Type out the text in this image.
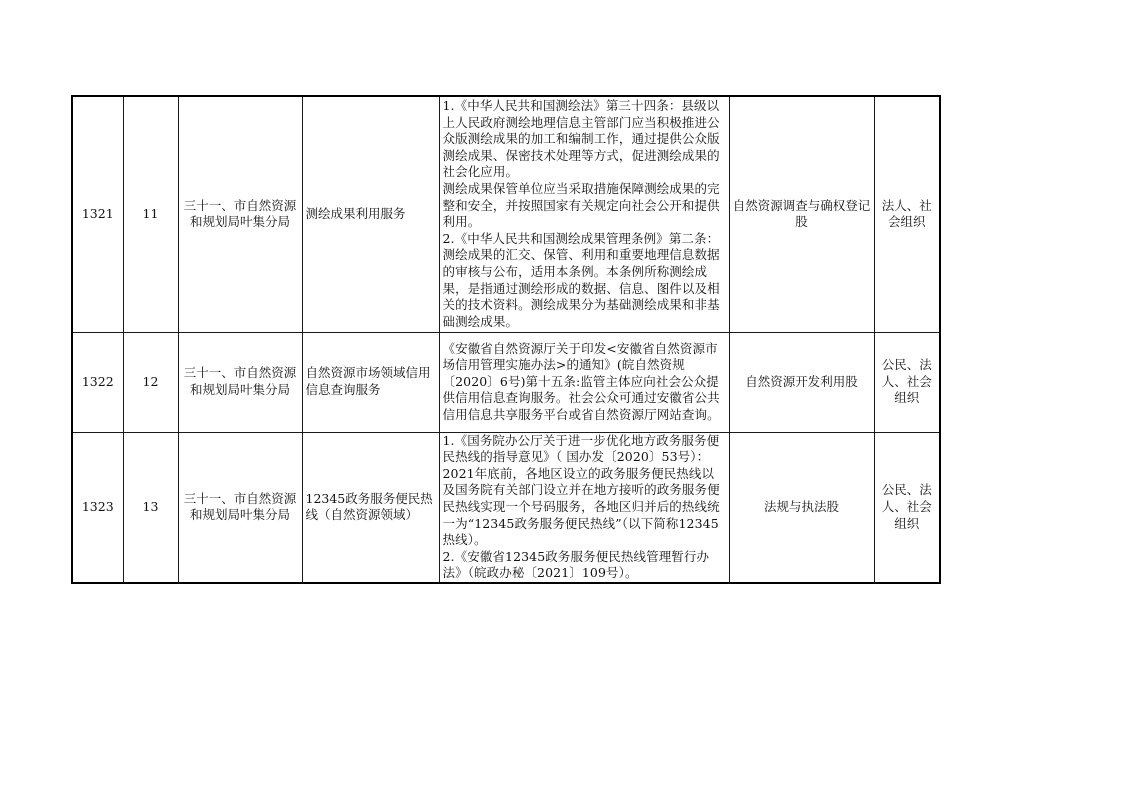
1321	11	三十一、市自然资源和规划局叶集分局	测绘成果利用服务	1.《中华人民共和国测绘法》第三十四条：县级以上人民政府测绘地理信息主管部门应当积极推进公众版测绘成果的加工和编制工作，通过提供公众版测绘成果、保密技术处理等方式，促进测绘成果的社会化应用。
测绘成果保管单位应当采取措施保障测绘成果的完整和安全，并按照国家有关规定向社会公开和提供利用。
2.《中华人民共和国测绘成果管理条例》第二条：测绘成果的汇交、保管、利用和重要地理信息数据的审核与公布，适用本条例。本条例所称测绘成果，是指通过测绘形成的数据、信息、图件以及相关的技术资料。测绘成果分为基础测绘成果和非基础测绘成果。	自然资源调查与确权登记股	法人、社会组织
1322	12	三十一、市自然资源和规划局叶集分局	自然资源市场领域信用信息查询服务	《安徽省自然资源厅关于印发<安徽省自然资源市场信用管理实施办法>的通知》(皖自然资规〔2020〕6号)第十五条:监管主体应向社会公众提供信用信息查询服务。社会公众可通过安徽省公共信用信息共享服务平台或省自然资源厅网站查询。	自然资源开发利用股	公民、法人、社会组织
1323	13	三十一、市自然资源和规划局叶集分局	12345政务服务便民热线（自然资源领域）	1.《国务院办公厅关于进一步优化地方政务服务便民热线的指导意见》（ 国办发〔2020〕53号）：2021年底前，各地区设立的政务服务便民热线以及国务院有关部门设立并在地方接听的政务服务便民热线实现一个号码服务，各地区归并后的热线统一为“12345政务服务便民热线”（以下简称12345热线）。
2.《安徽省12345政务服务便民热线管理暂行办法》（皖政办秘〔2021〕109号）。	法规与执法股	公民、法人、社会组织
